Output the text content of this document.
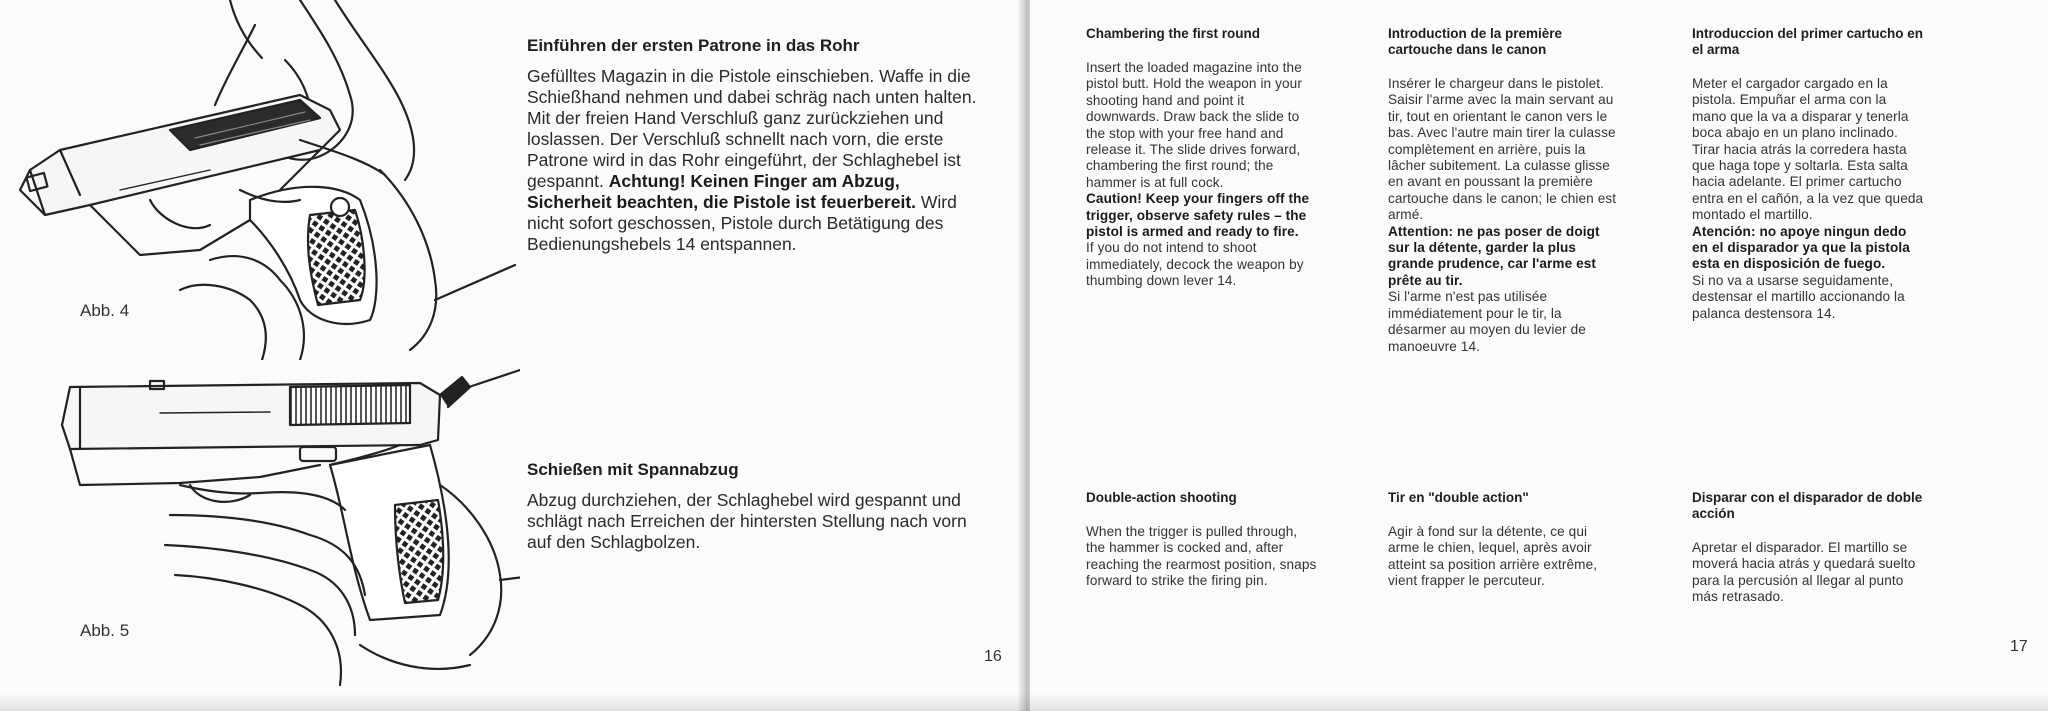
Abb. 4
Abb. 5
Einführen der ersten Patrone in das Rohr
Gefülltes Magazin in die Pistole einschieben. Waffe in die Schießhand nehmen und dabei schräg nach unten halten. Mit der freien Hand Verschluß ganz zurückziehen und loslassen. Der Verschluß schnellt nach vorn, die erste Patrone wird in das Rohr eingeführt, der Schlaghebel ist gespannt. Achtung! Keinen Finger am Abzug, Sicherheit beachten, die Pistole ist feuerbereit. Wird nicht sofort geschossen, Pistole durch Betätigung des Bedienungshebels 14 entspannen.
Schießen mit Spannabzug
Abzug durchziehen, der Schlaghebel wird gespannt und schlägt nach Erreichen der hintersten Stellung nach vorn auf den Schlagbolzen.
16
Chambering the first round
Insert the loaded magazine into the pistol butt. Hold the weapon in your shooting hand and point it downwards. Draw back the slide to the stop with your free hand and release it. The slide drives forward, chambering the first round; the hammer is at full cock.
Caution! Keep your fingers off the trigger, observe safety rules – the pistol is armed and ready to fire.
If you do not intend to shoot immediately, decock the weapon by thumbing down lever 14.
Introduction de la première cartouche dans le canon
Insérer le chargeur dans le pistolet. Saisir l'arme avec la main servant au tir, tout en orientant le canon vers le bas. Avec l'autre main tirer la culasse complètement en arrière, puis la lâcher subitement. La culasse glisse en avant en poussant la première cartouche dans le canon; le chien est armé.
Attention: ne pas poser de doigt sur la détente, garder la plus grande prudence, car l'arme est prête au tir.
Si l'arme n'est pas utilisée immédiatement pour le tir, la désarmer au moyen du levier de manoeuvre 14.
Introduccion del primer cartucho en el arma
Meter el cargador cargado en la pistola. Empuñar el arma con la mano que la va a disparar y tenerla boca abajo en un plano inclinado. Tirar hacia atrás la corredera hasta que haga tope y soltarla. Esta salta hacia adelante. El primer cartucho entra en el cañón, a la vez que queda montado el martillo.
Atención: no apoye ningun dedo en el disparador ya que la pistola esta en disposición de fuego.
Si no va a usarse seguidamente, destensar el martillo accionando la palanca destensora 14.
Double-action shooting
When the trigger is pulled through, the hammer is cocked and, after reaching the rearmost position, snaps forward to strike the firing pin.
Tir en "double action"
Agir à fond sur la détente, ce qui arme le chien, lequel, après avoir atteint sa position arrière extrême, vient frapper le percuteur.
Disparar con el disparador de doble acción
Apretar el disparador. El martillo se moverá hacia atrás y quedará suelto para la percusión al llegar al punto más retrasado.
17
